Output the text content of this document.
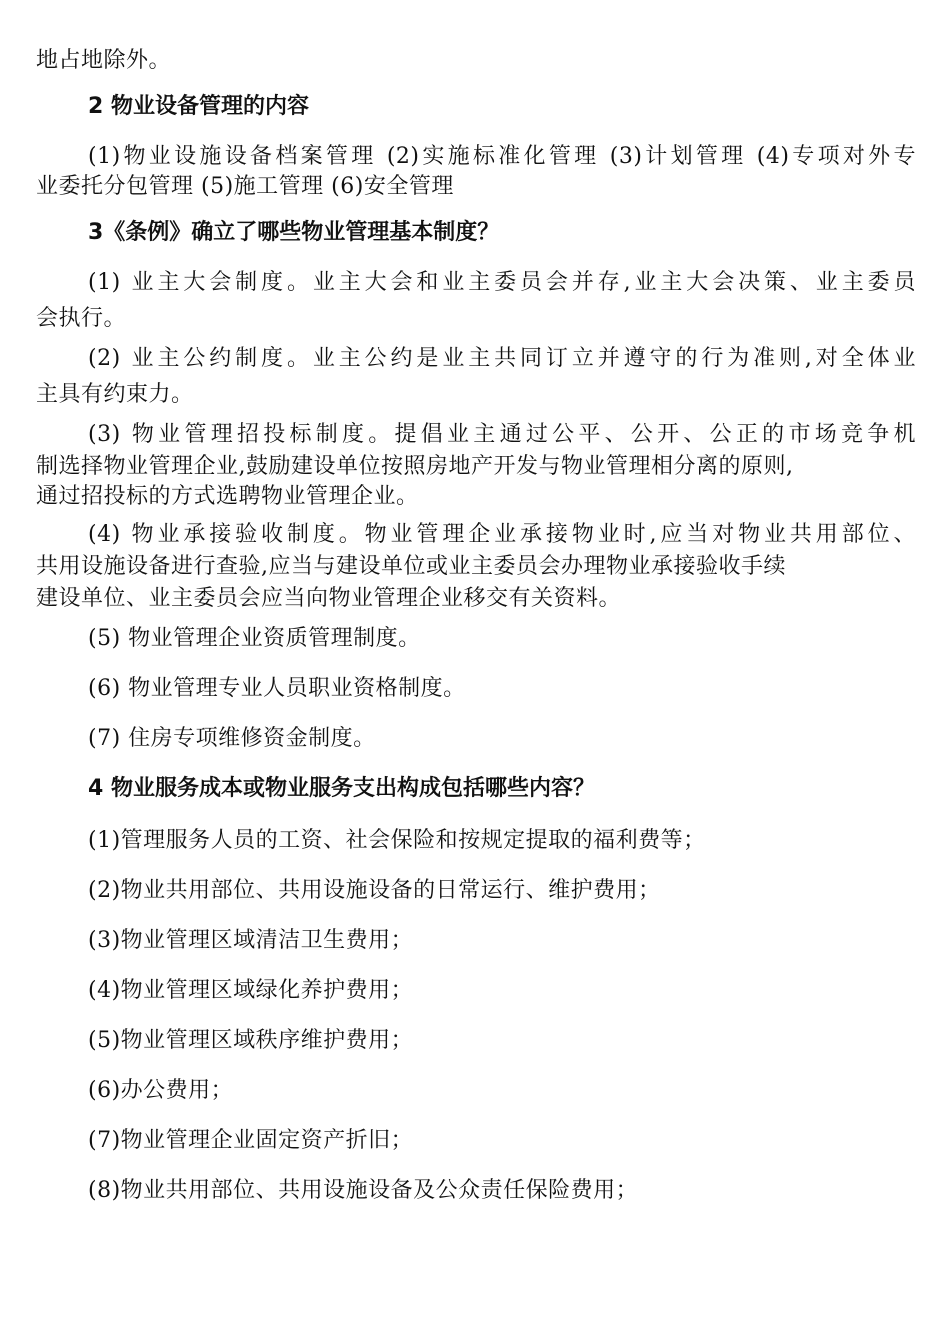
地占地除外。
2 物业设备管理的内容
(1)物业设施设备档案管理 (2)实施标准化管理 (3)计划管理 (4)专项对外专
业委托分包管理 (5)施工管理 (6)安全管理
3《条例》确立了哪些物业管理基本制度？
(1) 业主大会制度。业主大会和业主委员会并存,业主大会决策、业主委员
会执行。
(2) 业主公约制度。业主公约是业主共同订立并遵守的行为准则,对全体业
主具有约束力。
(3) 物业管理招投标制度。提倡业主通过公平、公开、公正的市场竞争机
制选择物业管理企业,鼓励建设单位按照房地产开发与物业管理相分离的原则,
通过招投标的方式选聘物业管理企业。
(4) 物业承接验收制度。物业管理企业承接物业时,应当对物业共用部位、
共用设施设备进行查验,应当与建设单位或业主委员会办理物业承接验收手续
建设单位、业主委员会应当向物业管理企业移交有关资料。
(5) 物业管理企业资质管理制度。
(6) 物业管理专业人员职业资格制度。
(7) 住房专项维修资金制度。
4 物业服务成本或物业服务支出构成包括哪些内容？
(1)管理服务人员的工资、社会保险和按规定提取的福利费等；
(2)物业共用部位、共用设施设备的日常运行、维护费用；
(3)物业管理区域清洁卫生费用；
(4)物业管理区域绿化养护费用；
(5)物业管理区域秩序维护费用；
(6)办公费用；
(7)物业管理企业固定资产折旧；
(8)物业共用部位、共用设施设备及公众责任保险费用；
